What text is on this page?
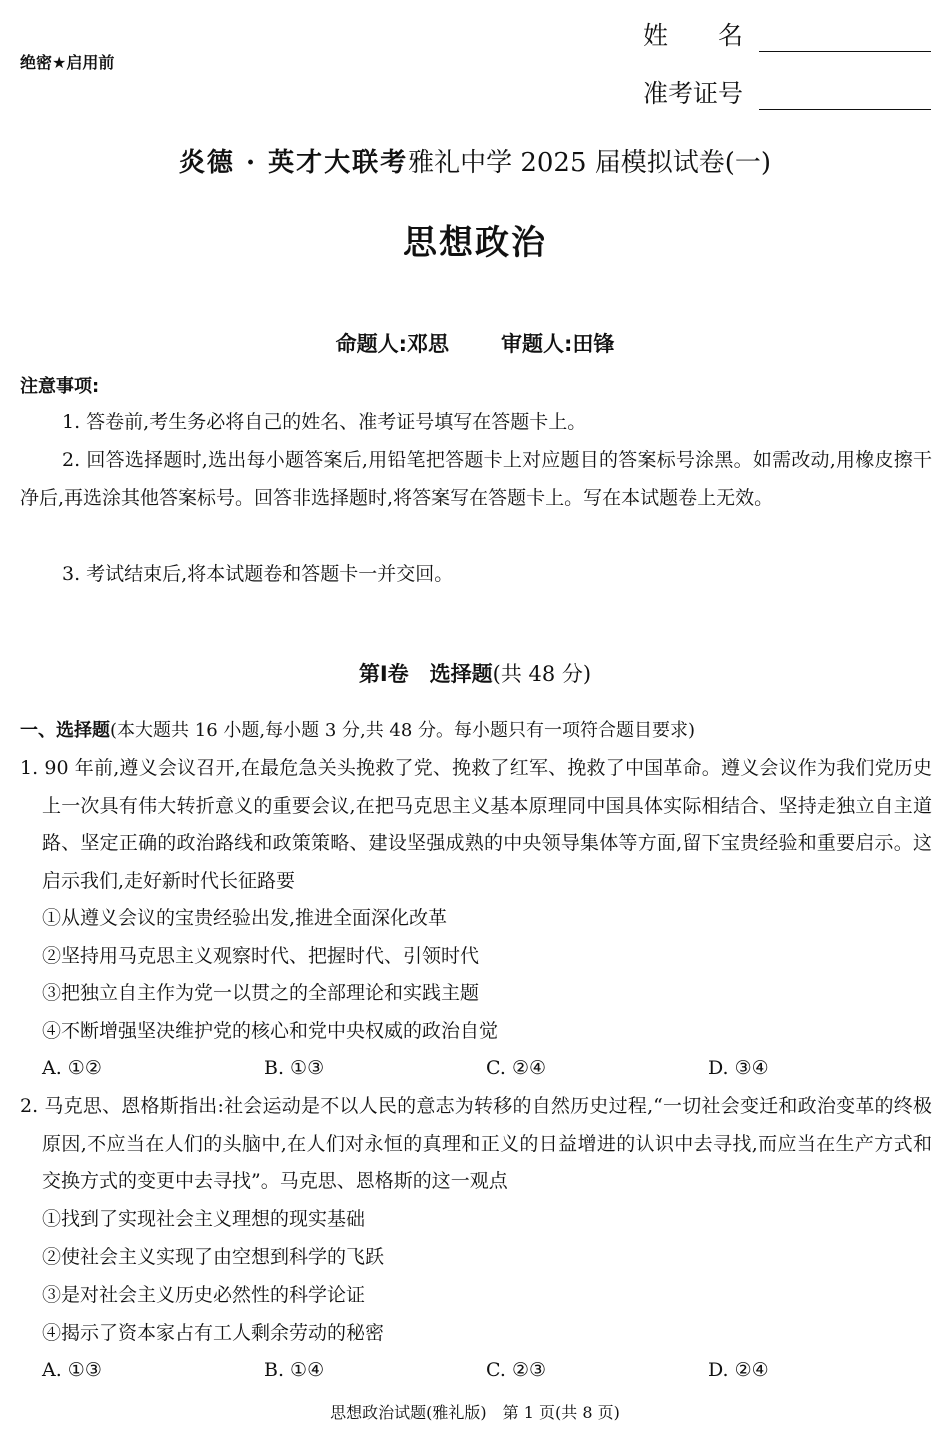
绝密★启用前
姓　　名
准考证号
炎德 · 英才大联考雅礼中学 2025 届模拟试卷(一)
思想政治
命题人:邓思 审题人:田锋
注意事项:
1. 答卷前,考生务必将自己的姓名、准考证号填写在答题卡上。
2. 回答选择题时,选出每小题答案后,用铅笔把答题卡上对应题目的答案标号涂黑。如需改动,用橡皮擦干净后,再选涂其他答案标号。回答非选择题时,将答案写在答题卡上。写在本试题卷上无效。
3. 考试结束后,将本试题卷和答题卡一并交回。
第Ⅰ卷　选择题(共 48 分)
一、选择题(本大题共 16 小题,每小题 3 分,共 48 分。每小题只有一项符合题目要求)
1. 90 年前,遵义会议召开,在最危急关头挽救了党、挽救了红军、挽救了中国革命。遵义会议作为我们党历史上一次具有伟大转折意义的重要会议,在把马克思主义基本原理同中国具体实际相结合、坚持走独立自主道路、坚定正确的政治路线和政策策略、建设坚强成熟的中央领导集体等方面,留下宝贵经验和重要启示。这启示我们,走好新时代长征路要
①从遵义会议的宝贵经验出发,推进全面深化改革
②坚持用马克思主义观察时代、把握时代、引领时代
③把独立自主作为党一以贯之的全部理论和实践主题
④不断增强坚决维护党的核心和党中央权威的政治自觉
A. ①②	B. ①③	C. ②④	D. ③④
2. 马克思、恩格斯指出:社会运动是不以人民的意志为转移的自然历史过程,“一切社会变迁和政治变革的终极原因,不应当在人们的头脑中,在人们对永恒的真理和正义的日益增进的认识中去寻找,而应当在生产方式和交换方式的变更中去寻找”。马克思、恩格斯的这一观点
①找到了实现社会主义理想的现实基础
②使社会主义实现了由空想到科学的飞跃
③是对社会主义历史必然性的科学论证
④揭示了资本家占有工人剩余劳动的秘密
A. ①③	B. ①④	C. ②③	D. ②④
思想政治试题(雅礼版)　第 1 页(共 8 页)
